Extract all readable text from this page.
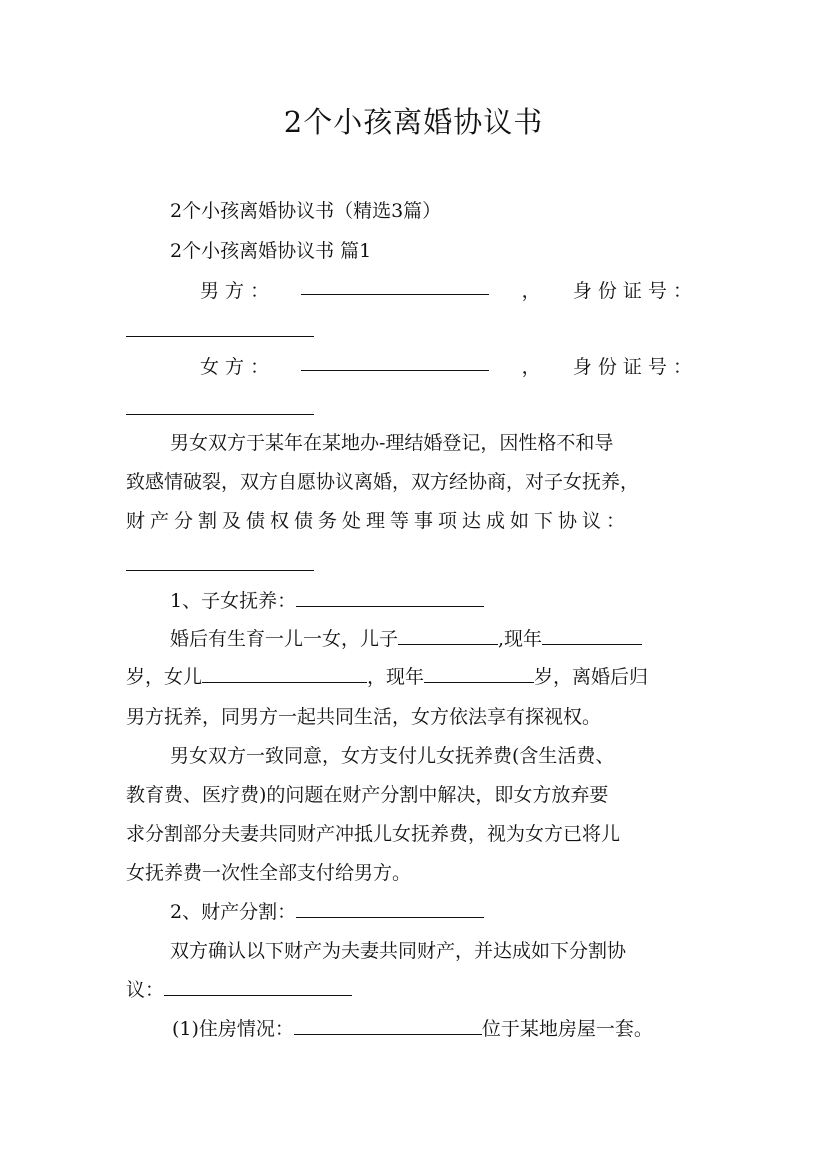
2个小孩离婚协议书
2个小孩离婚协议书（精选3篇）
2个小孩离婚协议书 篇1
男 方 ：	， 身 份 证 号 ：
女 方 ：	， 身 份 证 号 ：
男女双方于某年在某地办-理结婚登记，因性格不和导
致感情破裂，双方自愿协议离婚，双方经协商，对子女抚养，
财产分割及债权债务处理等事项达成如下协议：
1、子女抚养：
婚后有生育一儿一女，儿子	,现年
岁，女儿	，现年	岁，离婚后归
男方抚养，同男方一起共同生活，女方依法享有探视权。
男女双方一致同意，女方支付儿女抚养费(含生活费、
教育费、医疗费)的问题在财产分割中解决，即女方放弃要
求分割部分夫妻共同财产冲抵儿女抚养费，视为女方已将儿
女抚养费一次性全部支付给男方。
2、财产分割：
双方确认以下财产为夫妻共同财产，并达成如下分割协
议：
(1)住房情况：	位于某地房屋一套。
